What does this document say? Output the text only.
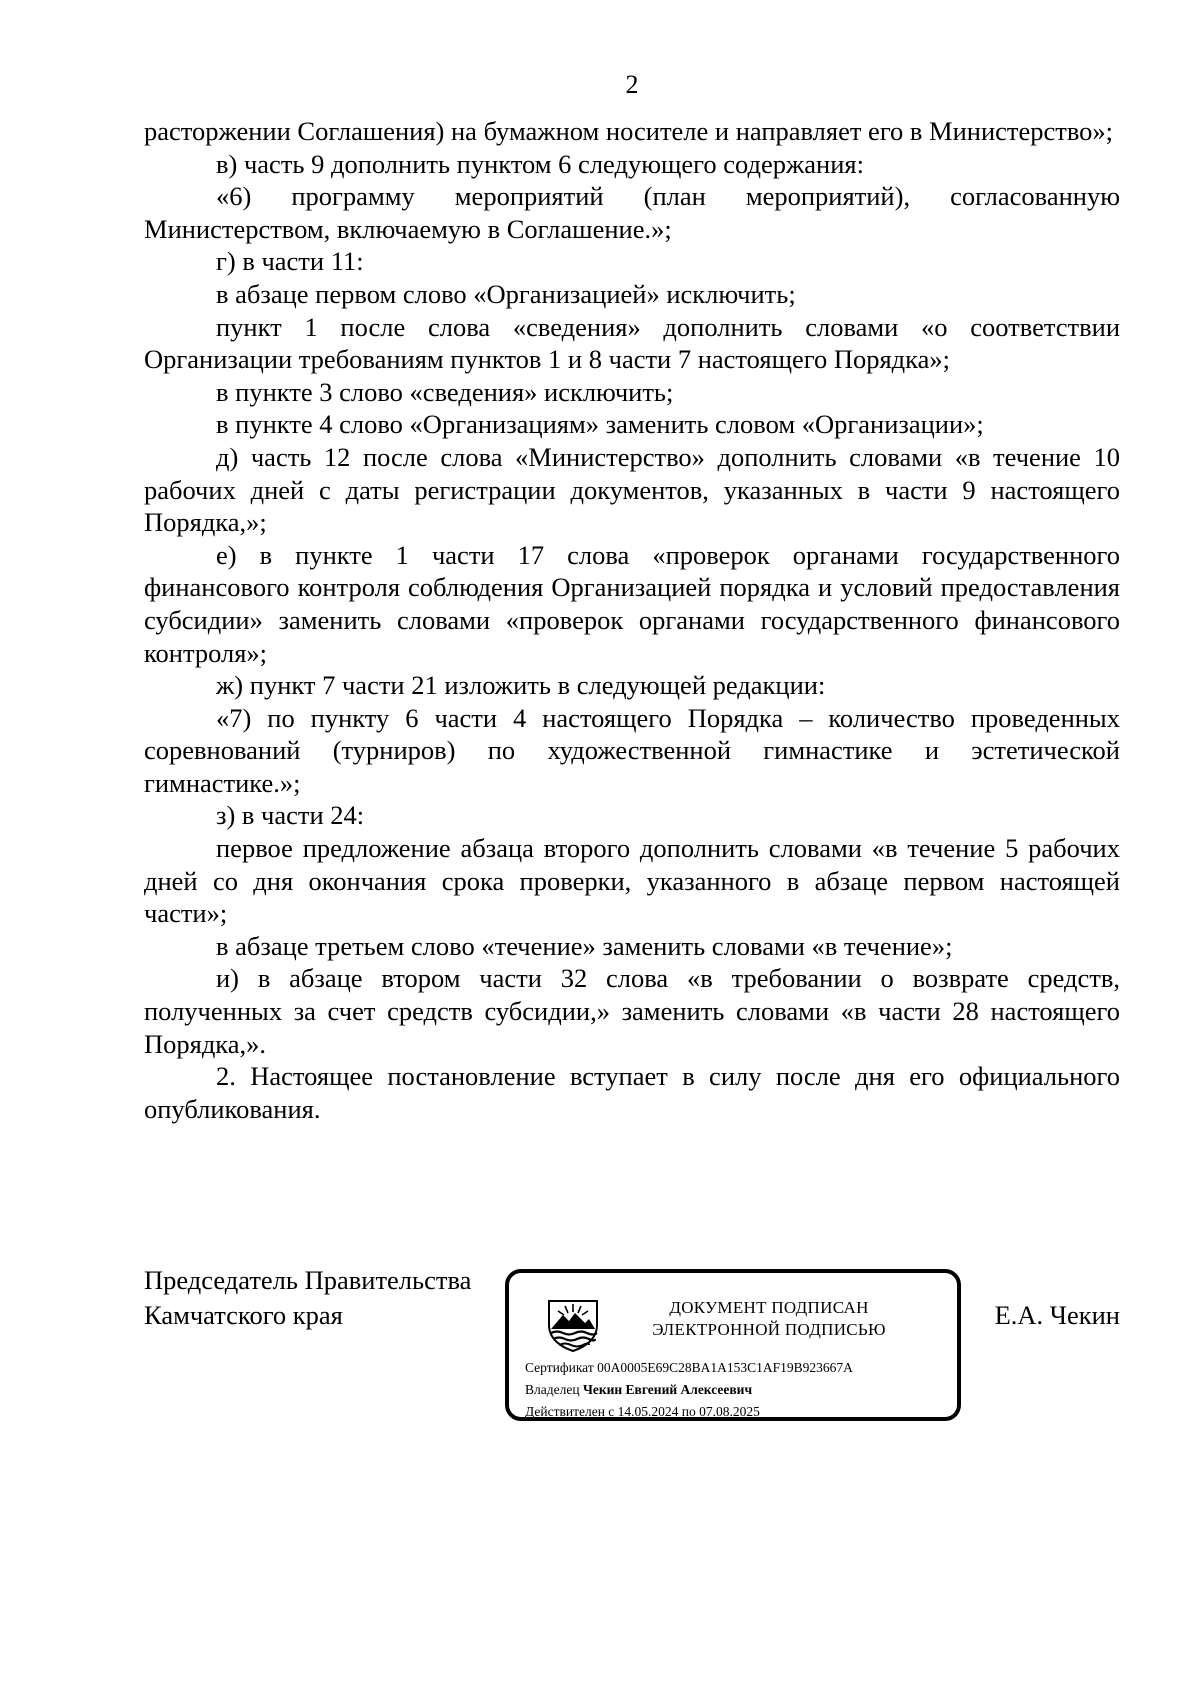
2

расторжении Соглашения) на бумажном носителе и направляет его в Министерство»;

в) часть 9 дополнить пунктом 6 следующего содержания:

«6) программу мероприятий (план мероприятий), согласованную Министерством, включаемую в Соглашение.»;

г) в части 11:

в абзаце первом слово «Организацией» исключить;

пункт 1 после слова «сведения» дополнить словами «о соответствии Организации требованиям пунктов 1 и 8 части 7 настоящего Порядка»;

в пункте 3 слово «сведения» исключить;

в пункте 4 слово «Организациям» заменить словом «Организации»;

д) часть 12 после слова «Министерство» дополнить словами «в течение 10 рабочих дней с даты регистрации документов, указанных в части 9 настоящего Порядка,»;

е) в пункте 1 части 17 слова «проверок органами государственного финансового контроля соблюдения Организацией порядка и условий предоставления субсидии» заменить словами «проверок органами государственного финансового контроля»;

ж) пункт 7 части 21 изложить в следующей редакции:

«7) по пункту 6 части 4 настоящего Порядка – количество проведенных соревнований (турниров) по художественной гимнастике и эстетической гимнастике.»;

з) в части 24:

первое предложение абзаца второго дополнить словами «в течение 5 рабочих дней со дня окончания срока проверки, указанного в абзаце первом настоящей части»;

в абзаце третьем слово «течение» заменить словами «в течение»;

и) в абзаце втором части 32 слова «в требовании о возврате средств, полученных за счет средств субсидии,» заменить словами «в части 28 настоящего Порядка,».

2. Настоящее постановление вступает в силу после дня его официального опубликования.

Председатель Правительства
Камчатского края	ДОКУМЕНТ ПОДПИСАН
ЭЛЕКТРОННОЙ ПОДПИСЬЮ
Сертификат 00A0005E69C28BA1A153C1AF19B923667A
Владелец Чекин Евгений Алексеевич
Действителен с 14.05.2024 по 07.08.2025
Е.А. Чекин
